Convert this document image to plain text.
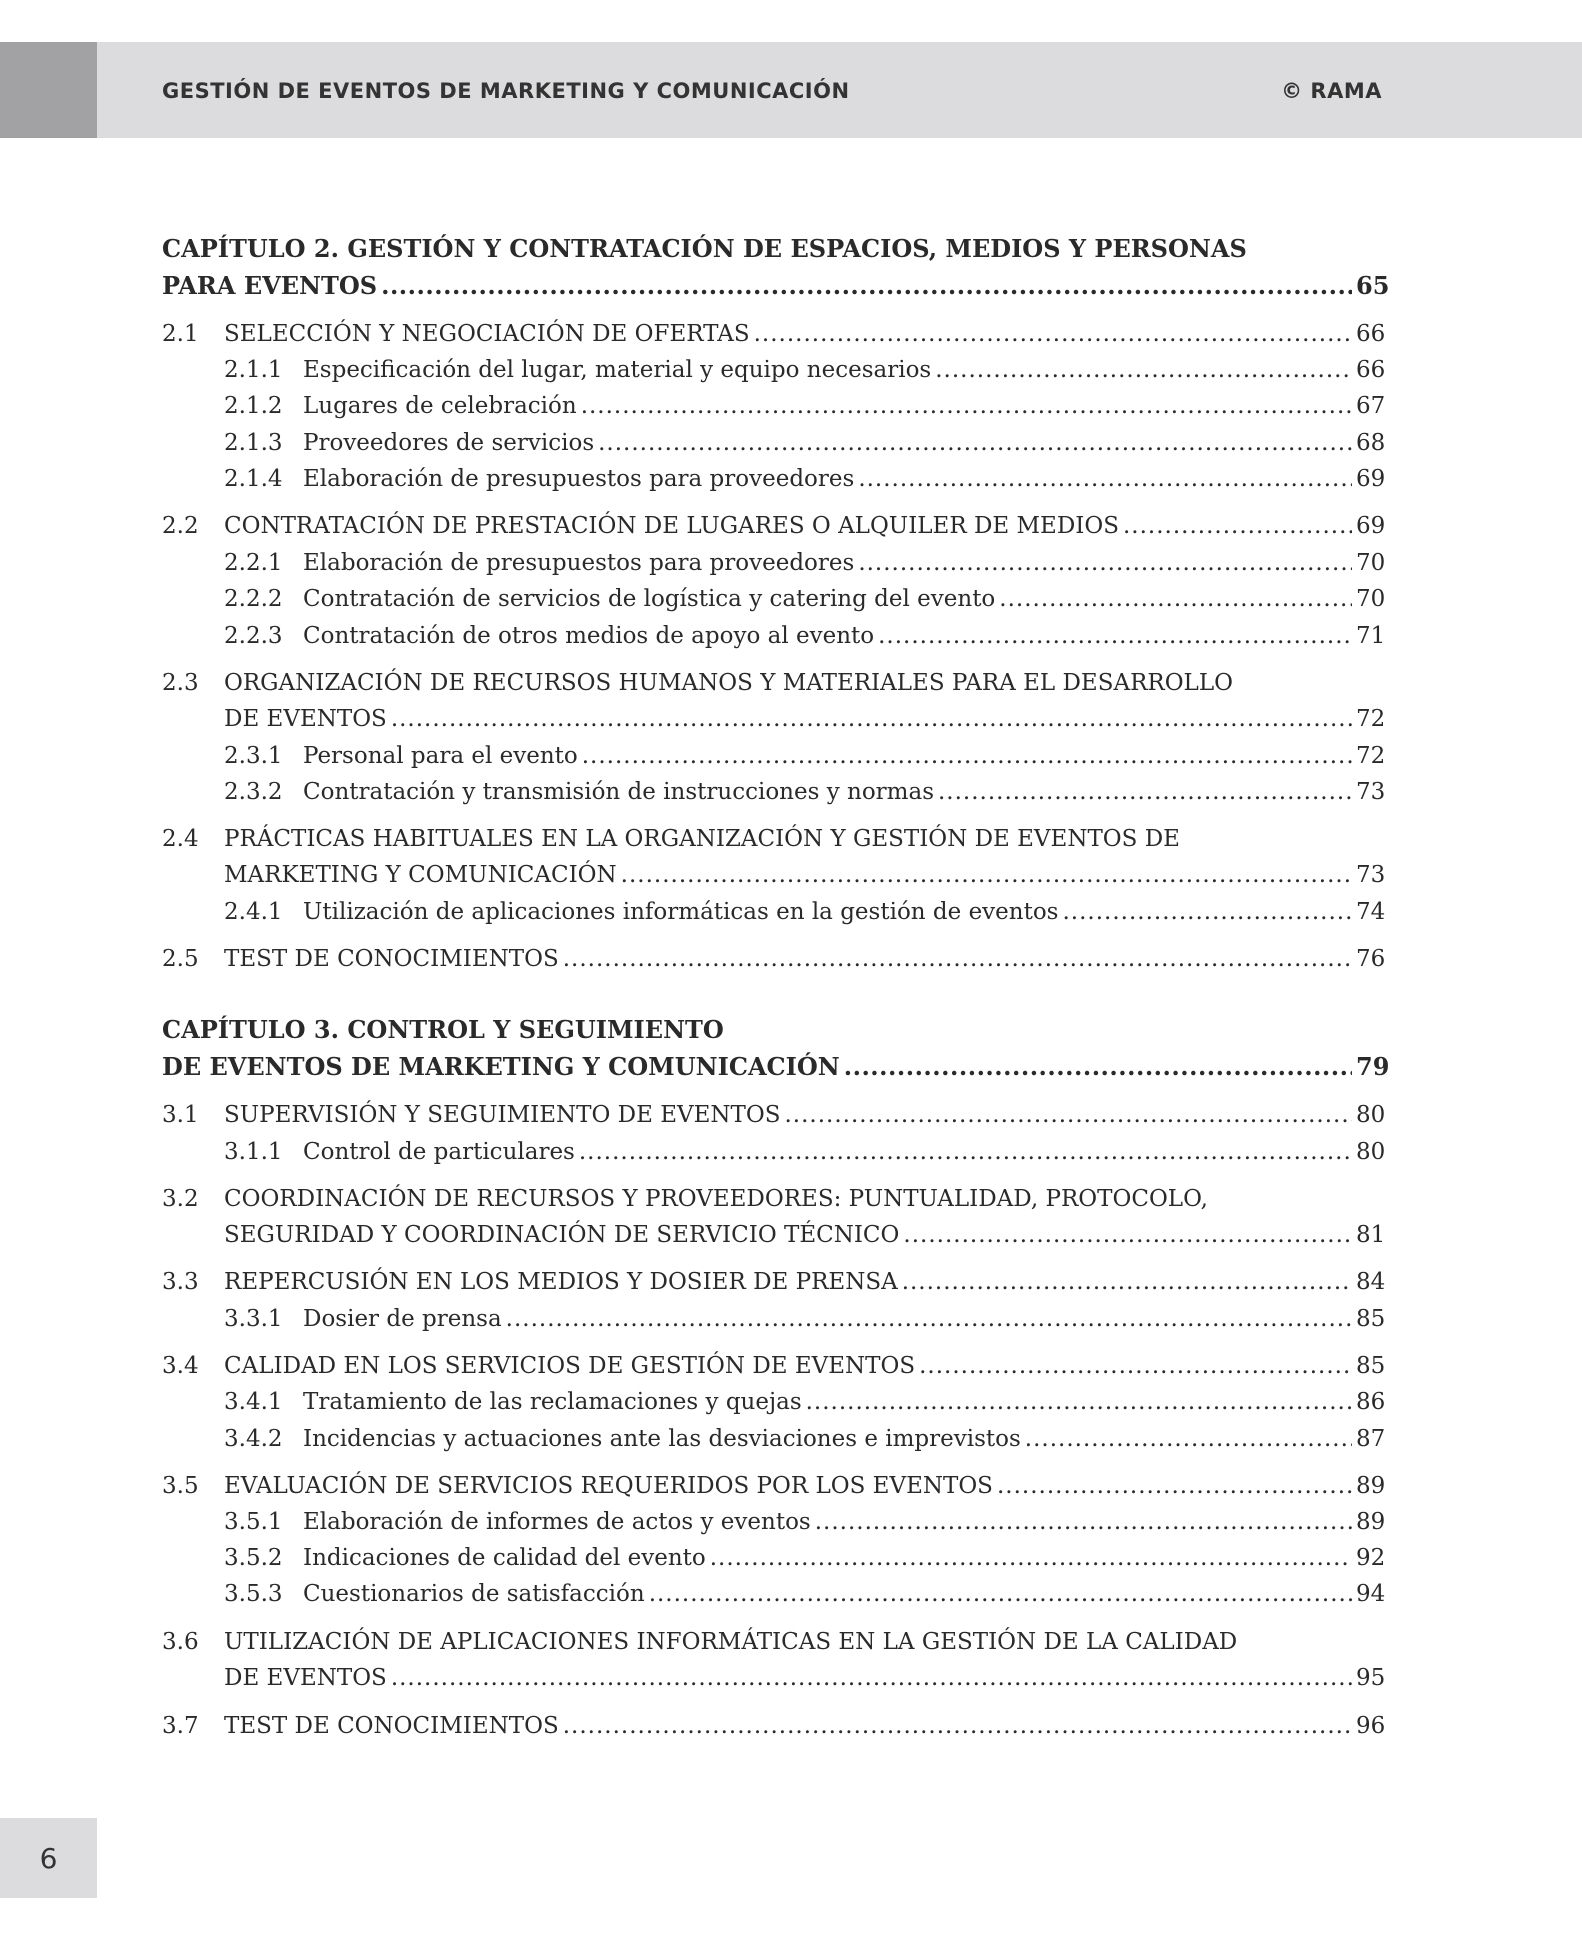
GESTIÓN DE EVENTOS DE MARKETING Y COMUNICACIÓN	© RAMA
CAPÍTULO 2. GESTIÓN Y CONTRATACIÓN DE ESPACIOS, MEDIOS Y PERSONAS
PARA EVENTOS .....	65
2.1 SELECCIÓN Y NEGOCIACIÓN DE OFERTAS .....	66
2.1.1 Especificación del lugar, material y equipo necesarios .....	66
2.1.2 Lugares de celebración .....	67
2.1.3 Proveedores de servicios .....	68
2.1.4 Elaboración de presupuestos para proveedores .....	69
2.2 CONTRATACIÓN DE PRESTACIÓN DE LUGARES O ALQUILER DE MEDIOS .....	69
2.2.1 Elaboración de presupuestos para proveedores .....	70
2.2.2 Contratación de servicios de logística y catering del evento .....	70
2.2.3 Contratación de otros medios de apoyo al evento .....	71
2.3 ORGANIZACIÓN DE RECURSOS HUMANOS Y MATERIALES PARA EL DESARROLLO
DE EVENTOS .....	72
2.3.1 Personal para el evento .....	72
2.3.2 Contratación y transmisión de instrucciones y normas .....	73
2.4 PRÁCTICAS HABITUALES EN LA ORGANIZACIÓN Y GESTIÓN DE EVENTOS DE
MARKETING Y COMUNICACIÓN .....	73
2.4.1 Utilización de aplicaciones informáticas en la gestión de eventos .....	74
2.5 TEST DE CONOCIMIENTOS .....	76
CAPÍTULO 3. CONTROL Y SEGUIMIENTO
DE EVENTOS DE MARKETING Y COMUNICACIÓN .....	79
3.1 SUPERVISIÓN Y SEGUIMIENTO DE EVENTOS .....	80
3.1.1 Control de particulares .....	80
3.2 COORDINACIÓN DE RECURSOS Y PROVEEDORES: PUNTUALIDAD, PROTOCOLO,
SEGURIDAD Y COORDINACIÓN DE SERVICIO TÉCNICO .....	81
3.3 REPERCUSIÓN EN LOS MEDIOS Y DOSIER DE PRENSA .....	84
3.3.1 Dosier de prensa .....	85
3.4 CALIDAD EN LOS SERVICIOS DE GESTIÓN DE EVENTOS .....	85
3.4.1 Tratamiento de las reclamaciones y quejas .....	86
3.4.2 Incidencias y actuaciones ante las desviaciones e imprevistos .....	87
3.5 EVALUACIÓN DE SERVICIOS REQUERIDOS POR LOS EVENTOS .....	89
3.5.1 Elaboración de informes de actos y eventos .....	89
3.5.2 Indicaciones de calidad del evento .....	92
3.5.3 Cuestionarios de satisfacción .....	94
3.6 UTILIZACIÓN DE APLICACIONES INFORMÁTICAS EN LA GESTIÓN DE LA CALIDAD
DE EVENTOS .....	95
3.7 TEST DE CONOCIMIENTOS .....	96
6
